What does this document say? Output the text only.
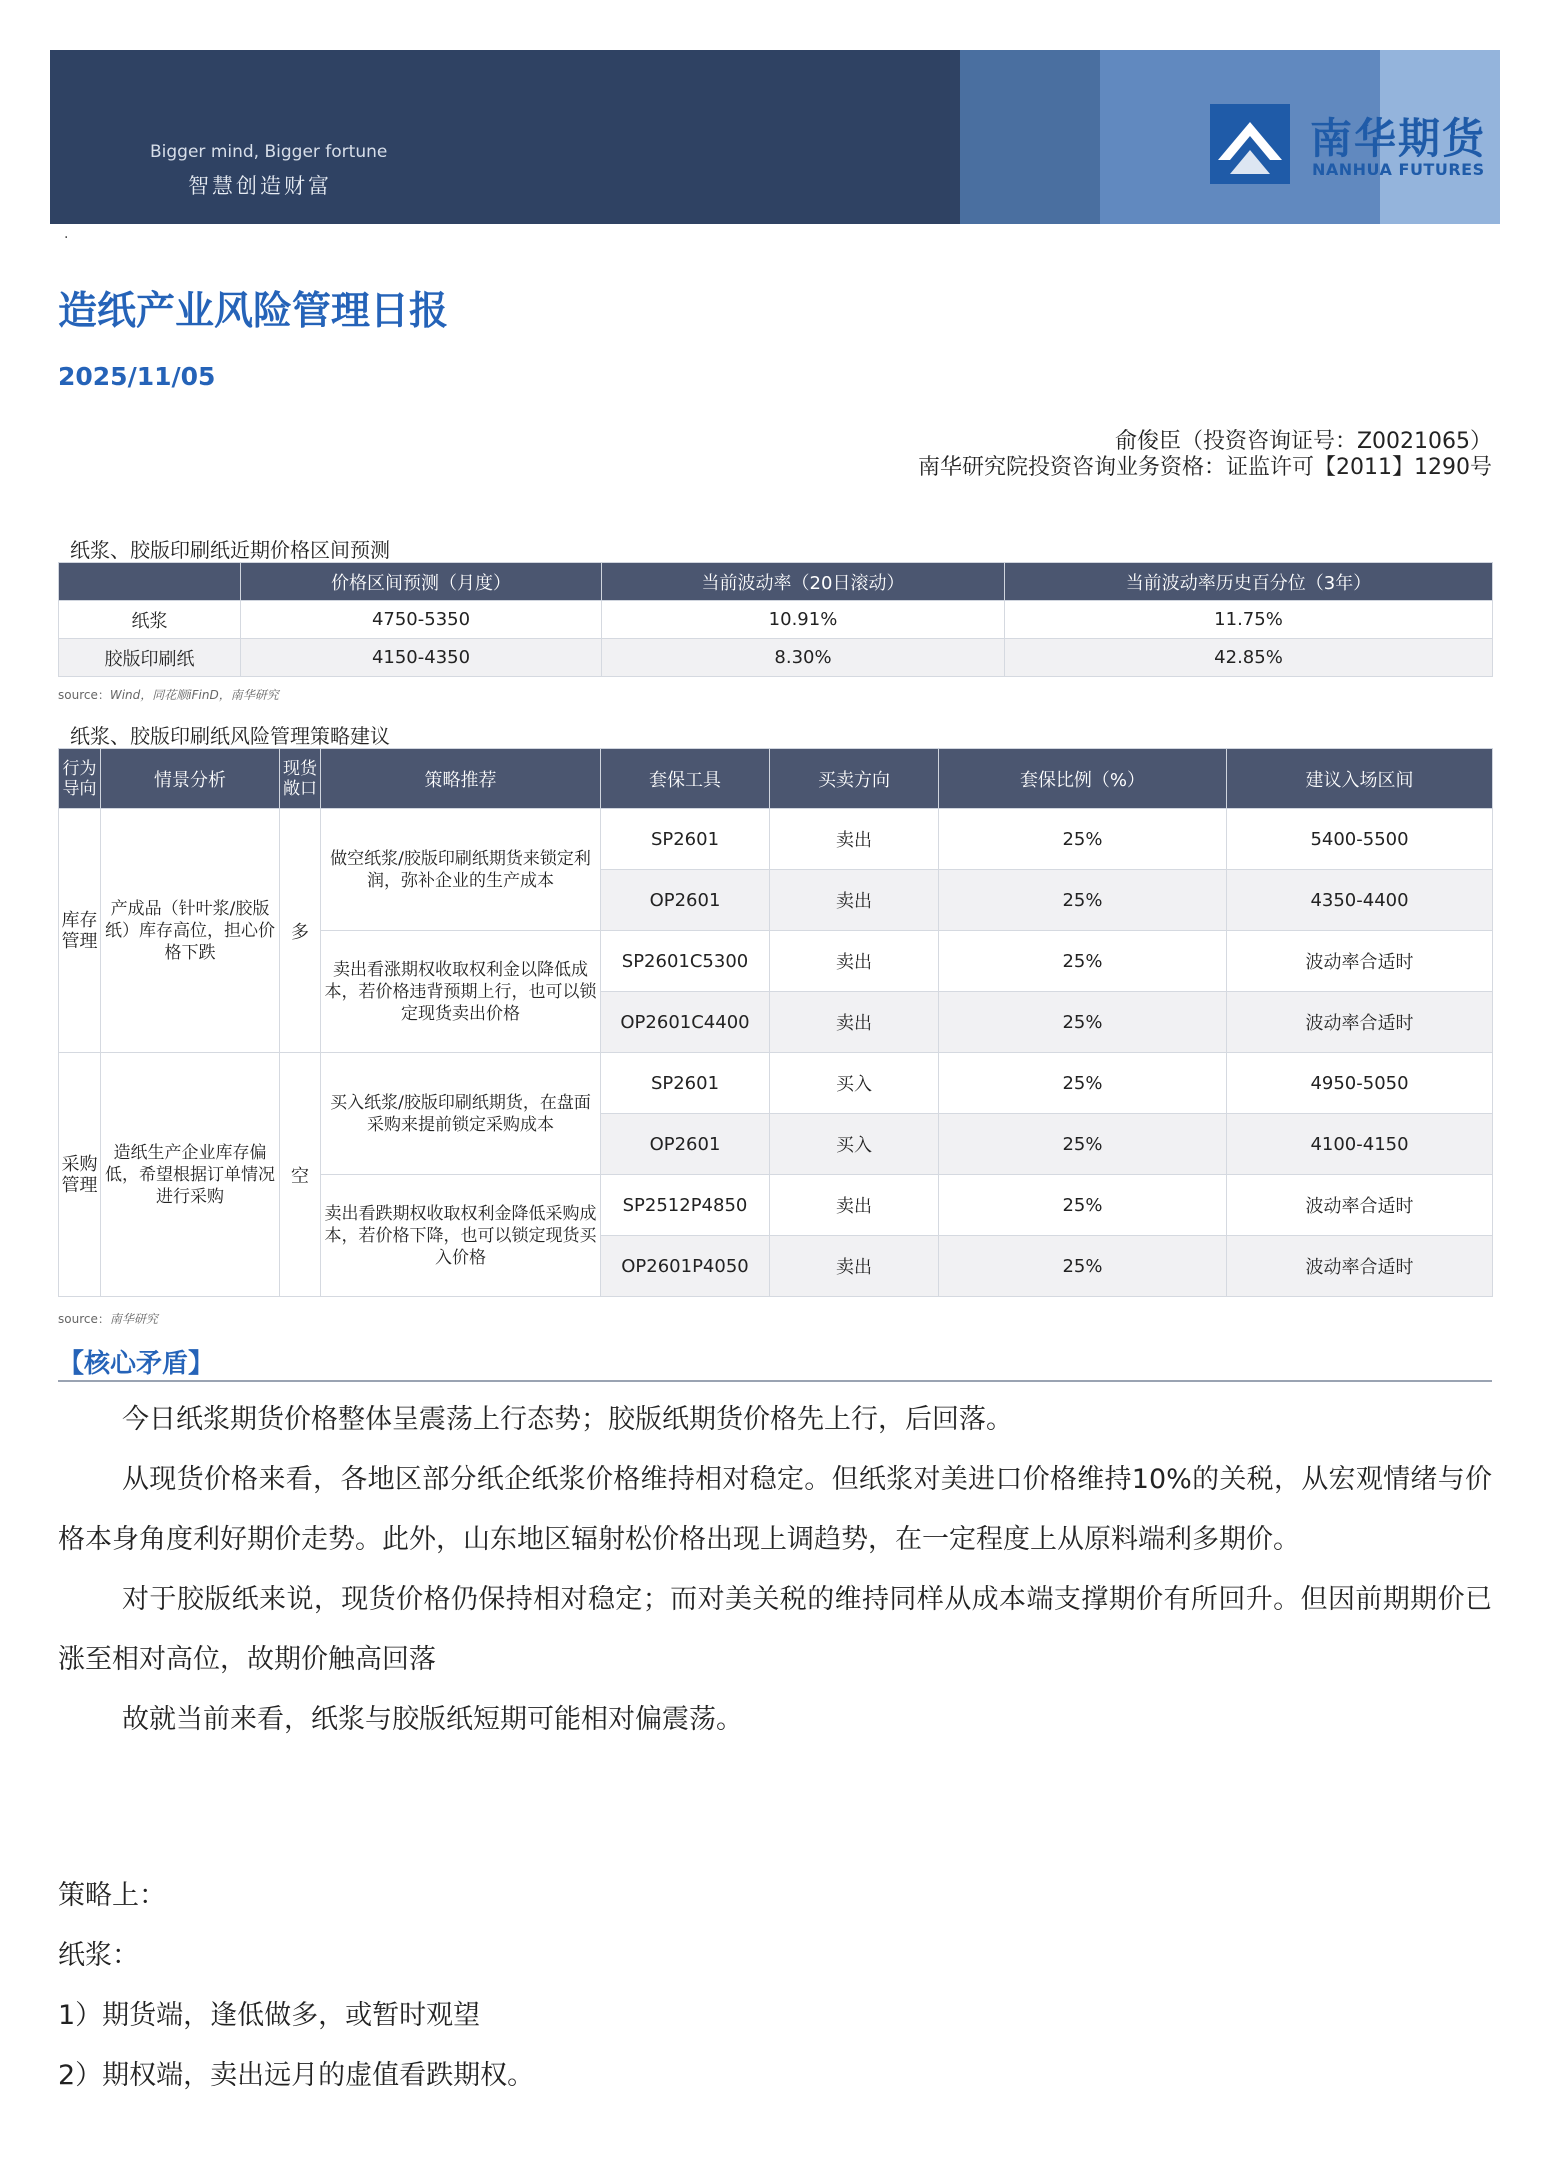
Bigger mind, Bigger fortune
智慧创造财富
南华期货
NANHUA FUTURES
·
造纸产业风险管理日报
2025/11/05
俞俊臣（投资咨询证号：Z0021065）
南华研究院投资咨询业务资格：证监许可【2011】1290号
纸浆、胶版印刷纸近期价格区间预测
	价格区间预测（月度）	当前波动率（20日滚动）	当前波动率历史百分位（3年）
纸浆	4750-5350	10.91%	11.75%
胶版印刷纸	4150-4350	8.30%	42.85%
source：Wind，同花顺iFinD，南华研究
纸浆、胶版印刷纸风险管理策略建议
行为导向	情景分析	现货敞口	策略推荐	套保工具	买卖方向	套保比例（%）	建议入场区间
库存管理	产成品（针叶浆/胶版纸）库存高位，担心价格下跌	多	做空纸浆/胶版印刷纸期货来锁定利润，弥补企业的生产成本	SP2601	卖出	25%	5400-5500
				OP2601	卖出	25%	4350-4400
			卖出看涨期权收取权利金以降低成本，若价格违背预期上行，也可以锁定现货卖出价格	SP2601C5300	卖出	25%	波动率合适时
				OP2601C4400	卖出	25%	波动率合适时
采购管理	造纸生产企业库存偏低，希望根据订单情况进行采购	空	买入纸浆/胶版印刷纸期货，在盘面采购来提前锁定采购成本	SP2601	买入	25%	4950-5050
				OP2601	买入	25%	4100-4150
			卖出看跌期权收取权利金降低采购成本，若价格下降，也可以锁定现货买入价格	SP2512P4850	卖出	25%	波动率合适时
				OP2601P4050	卖出	25%	波动率合适时
source：南华研究
【核心矛盾】

今日纸浆期货价格整体呈震荡上行态势；胶版纸期货价格先上行，后回落。

从现货价格来看，各地区部分纸企纸浆价格维持相对稳定。但纸浆对美进口价格维持10%的关税，从宏观情绪与价格本身角度利好期价走势。此外，山东地区辐射松价格出现上调趋势，在一定程度上从原料端利多期价。

对于胶版纸来说，现货价格仍保持相对稳定；而对美关税的维持同样从成本端支撑期价有所回升。但因前期期价已涨至相对高位，故期价触高回落

故就当前来看，纸浆与胶版纸短期可能相对偏震荡。

策略上：
纸浆：
1）期货端，逢低做多，或暂时观望
2）期权端，卖出远月的虚值看跌期权。
